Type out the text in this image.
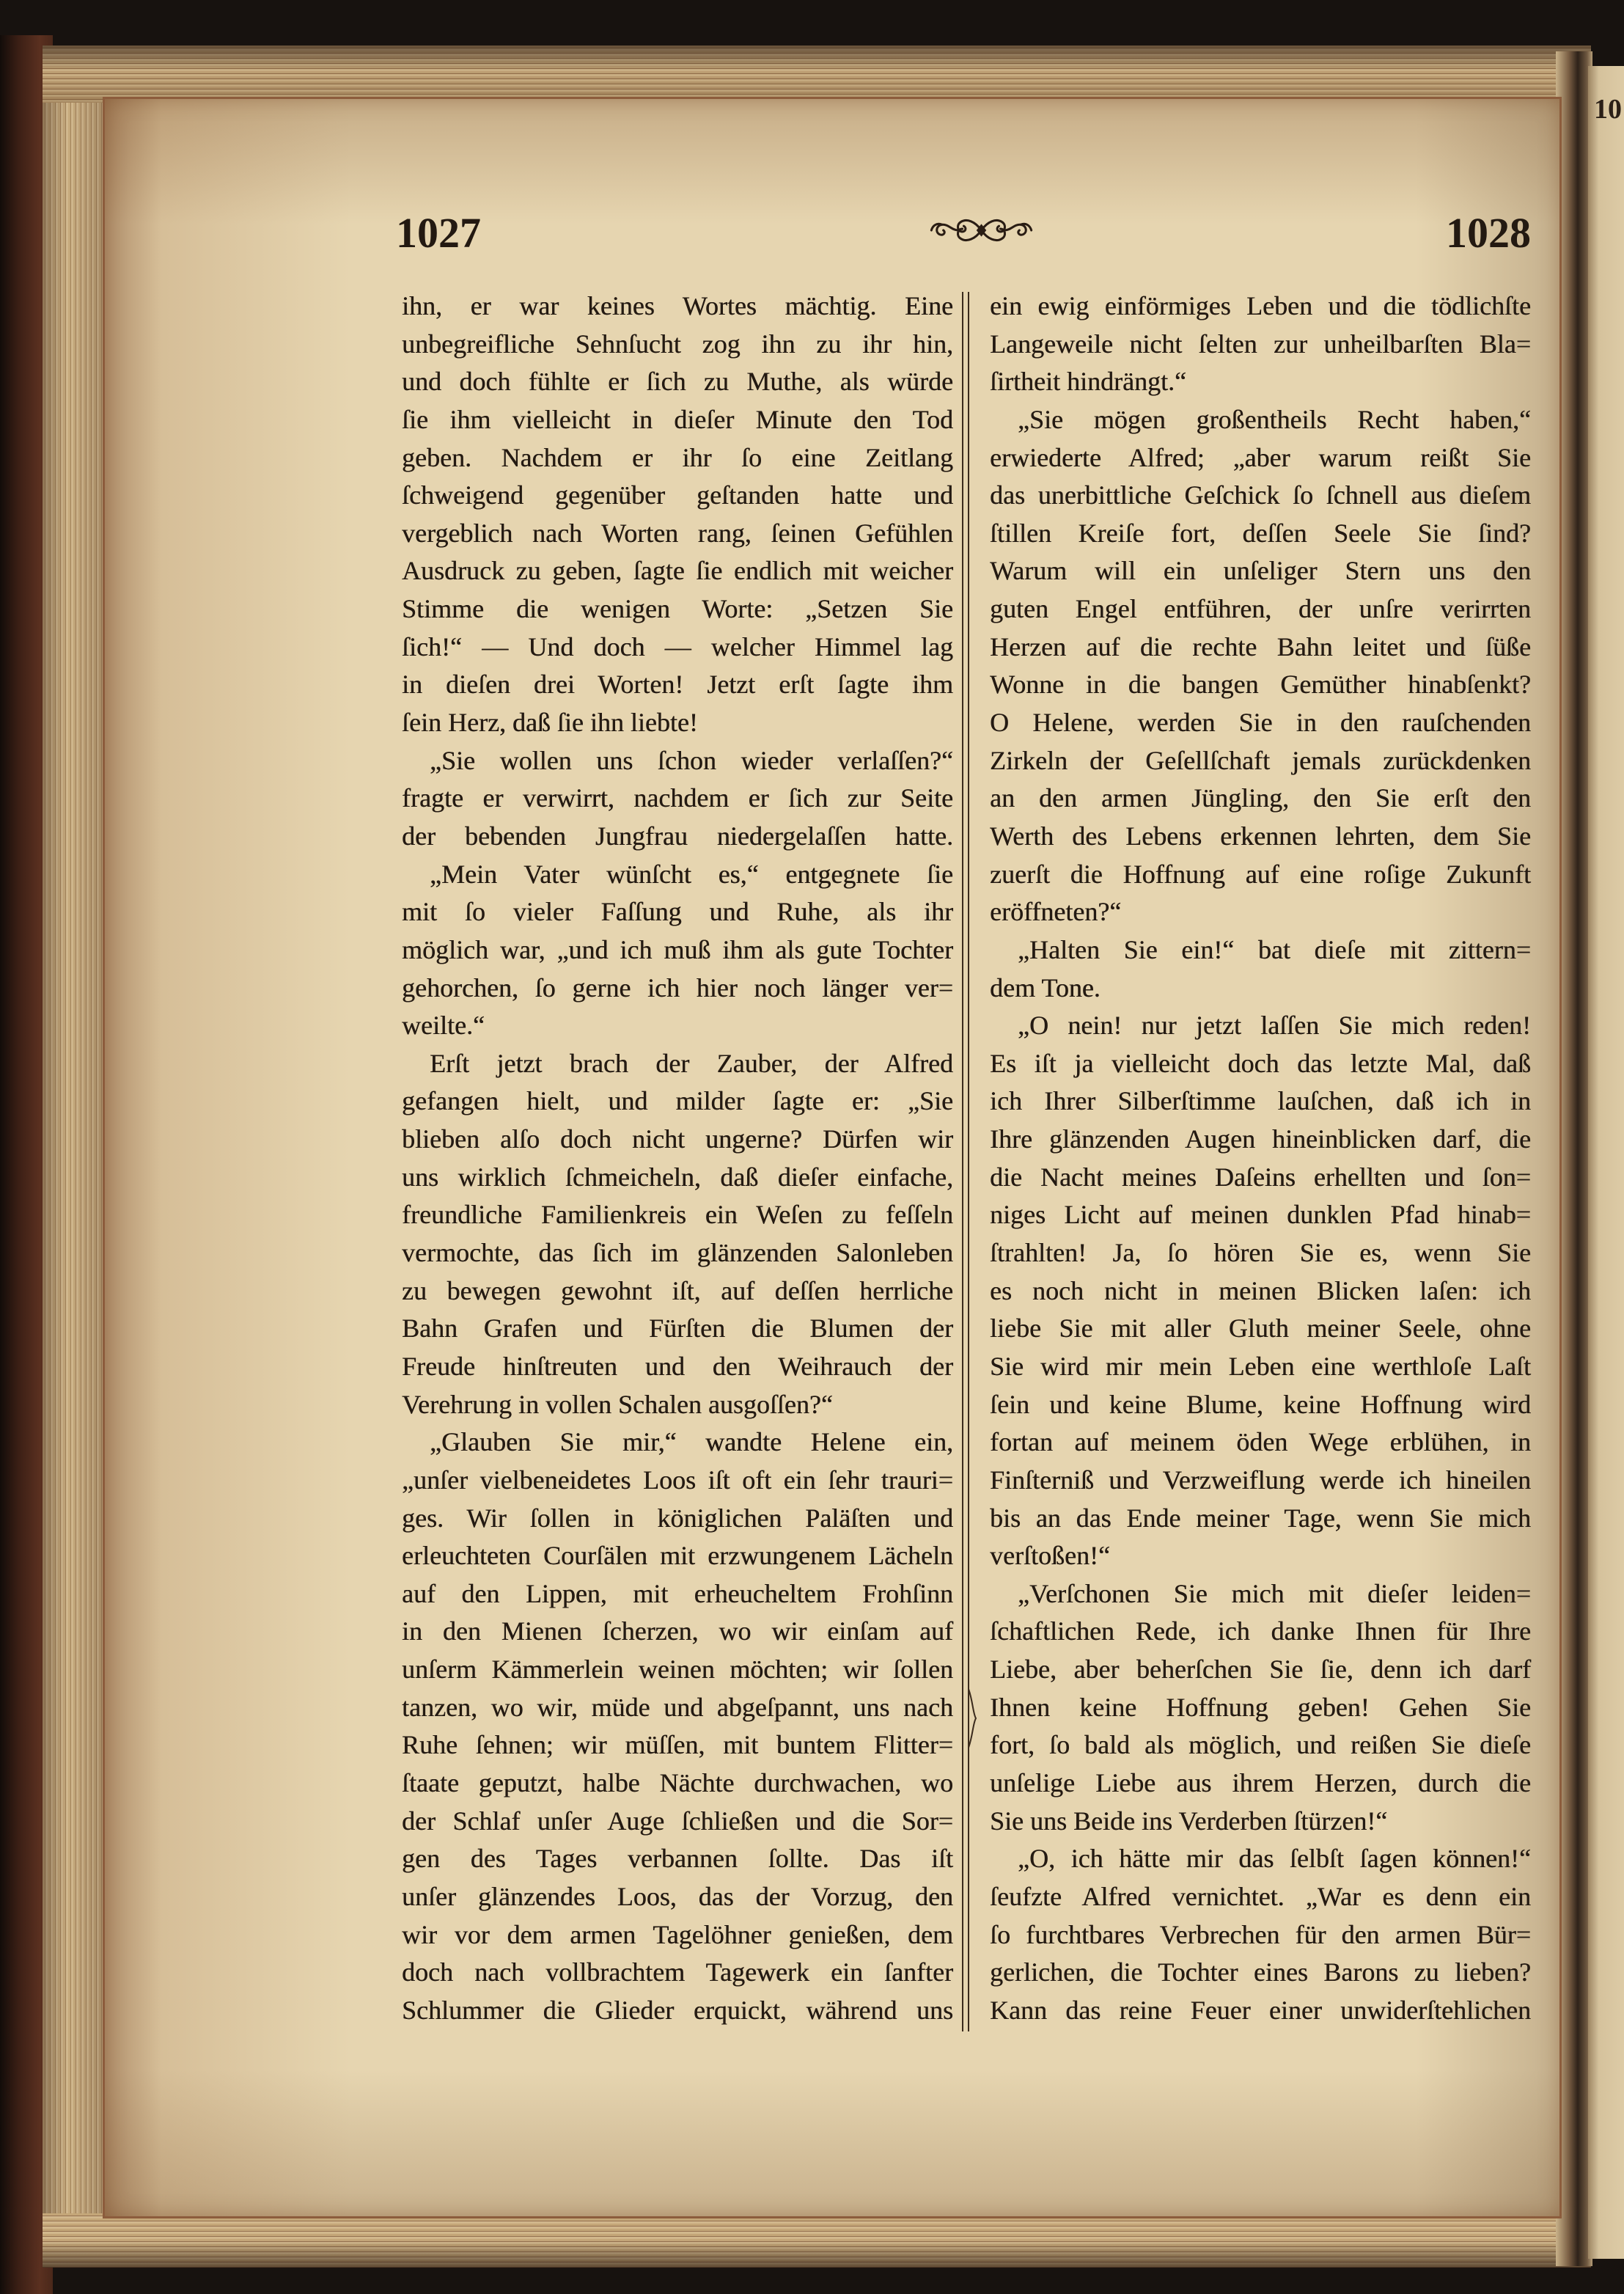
10
1027	1028
ihn, er war keines Wortes mächtig. Eine
unbegreifliche Sehnſucht zog ihn zu ihr hin,
und doch fühlte er ſich zu Muthe, als würde
ſie ihm vielleicht in dieſer Minute den Tod
geben. Nachdem er ihr ſo eine Zeitlang
ſchweigend gegenüber geſtanden hatte und
vergeblich nach Worten rang, ſeinen Gefühlen
Ausdruck zu geben, ſagte ſie endlich mit weicher
Stimme die wenigen Worte: „Setzen Sie
ſich!“ — Und doch — welcher Himmel lag
in dieſen drei Worten! Jetzt erſt ſagte ihm
ſein Herz, daß ſie ihn liebte!
„Sie wollen uns ſchon wieder verlaſſen?“
fragte er verwirrt, nachdem er ſich zur Seite
der bebenden Jungfrau niedergelaſſen hatte.
„Mein Vater wünſcht es,“ entgegnete ſie
mit ſo vieler Faſſung und Ruhe, als ihr
möglich war, „und ich muß ihm als gute Tochter
gehorchen, ſo gerne ich hier noch länger ver=
weilte.“
Erſt jetzt brach der Zauber, der Alfred
gefangen hielt, und milder ſagte er: „Sie
blieben alſo doch nicht ungerne? Dürfen wir
uns wirklich ſchmeicheln, daß dieſer einfache,
freundliche Familienkreis ein Weſen zu feſſeln
vermochte, das ſich im glänzenden Salonleben
zu bewegen gewohnt iſt, auf deſſen herrliche
Bahn Grafen und Fürſten die Blumen der
Freude hinſtreuten und den Weihrauch der
Verehrung in vollen Schalen ausgoſſen?“
„Glauben Sie mir,“ wandte Helene ein,
„unſer vielbeneidetes Loos iſt oft ein ſehr trauri=
ges. Wir ſollen in königlichen Paläſten und
erleuchteten Courſälen mit erzwungenem Lächeln
auf den Lippen, mit erheucheltem Frohſinn
in den Mienen ſcherzen, wo wir einſam auf
unſerm Kämmerlein weinen möchten; wir ſollen
tanzen, wo wir, müde und abgeſpannt, uns nach
Ruhe ſehnen; wir müſſen, mit buntem Flitter=
ſtaate geputzt, halbe Nächte durchwachen, wo
der Schlaf unſer Auge ſchließen und die Sor=
gen des Tages verbannen ſollte. Das iſt
unſer glänzendes Loos, das der Vorzug, den
wir vor dem armen Tagelöhner genießen, dem
doch nach vollbrachtem Tagewerk ein ſanfter
Schlummer die Glieder erquickt, während uns
ein ewig einförmiges Leben und die tödlichſte
Langeweile nicht ſelten zur unheilbarſten Bla=
ſirtheit hindrängt.“
„Sie mögen großentheils Recht haben,“
erwiederte Alfred; „aber warum reißt Sie
das unerbittliche Geſchick ſo ſchnell aus dieſem
ſtillen Kreiſe fort, deſſen Seele Sie ſind?
Warum will ein unſeliger Stern uns den
guten Engel entführen, der unſre verirrten
Herzen auf die rechte Bahn leitet und ſüße
Wonne in die bangen Gemüther hinabſenkt?
O Helene, werden Sie in den rauſchenden
Zirkeln der Geſellſchaft jemals zurückdenken
an den armen Jüngling, den Sie erſt den
Werth des Lebens erkennen lehrten, dem Sie
zuerſt die Hoffnung auf eine roſige Zukunft
eröffneten?“
„Halten Sie ein!“ bat dieſe mit zittern=
dem Tone.
„O nein! nur jetzt laſſen Sie mich reden!
Es iſt ja vielleicht doch das letzte Mal, daß
ich Ihrer Silberſtimme lauſchen, daß ich in
Ihre glänzenden Augen hineinblicken darf, die
die Nacht meines Daſeins erhellten und ſon=
niges Licht auf meinen dunklen Pfad hinab=
ſtrahlten! Ja, ſo hören Sie es, wenn Sie
es noch nicht in meinen Blicken laſen: ich
liebe Sie mit aller Gluth meiner Seele, ohne
Sie wird mir mein Leben eine werthloſe Laſt
ſein und keine Blume, keine Hoffnung wird
fortan auf meinem öden Wege erblühen, in
Finſterniß und Verzweiflung werde ich hineilen
bis an das Ende meiner Tage, wenn Sie mich
verſtoßen!“
„Verſchonen Sie mich mit dieſer leiden=
ſchaftlichen Rede, ich danke Ihnen für Ihre
Liebe, aber beherſchen Sie ſie, denn ich darf
Ihnen keine Hoffnung geben! Gehen Sie
fort, ſo bald als möglich, und reißen Sie dieſe
unſelige Liebe aus ihrem Herzen, durch die
Sie uns Beide ins Verderben ſtürzen!“
„O, ich hätte mir das ſelbſt ſagen können!“
ſeufzte Alfred vernichtet. „War es denn ein
ſo furchtbares Verbrechen für den armen Bür=
gerlichen, die Tochter eines Barons zu lieben?
Kann das reine Feuer einer unwiderſtehlichen
